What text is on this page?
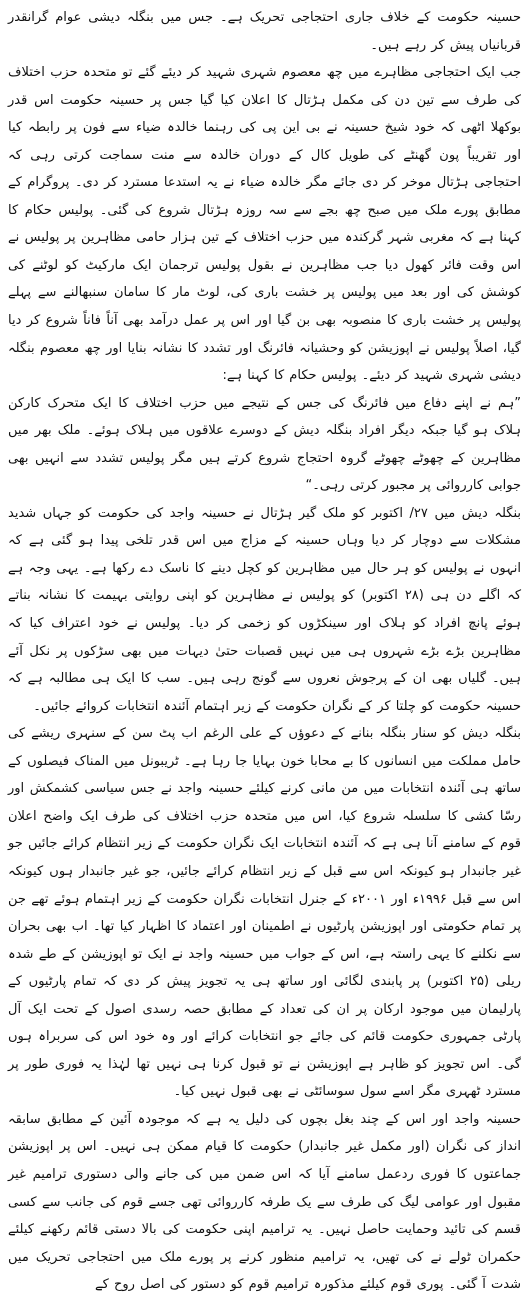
حسینہ حکومت کے خلاف جاری احتجاجی تحریک ہے۔ جس میں بنگلہ دیشی عوام گرانقدر قربانیاں پیش کر رہے ہیں۔

جب ایک احتجاجی مظاہرے میں چھ معصوم شہری شہید کر دیئے گئے تو متحدہ حزب اختلاف کی طرف سے تین دن کی مکمل ہڑتال کا اعلان کیا گیا جس پر حسینہ حکومت اس قدر بوکھلا اٹھی کہ خود شیخ حسینہ نے بی این پی کی رہنما خالدہ ضیاء سے فون پر رابطہ کیا اور تقریباً پون گھنٹے کی طویل کال کے دوران خالدہ سے منت سماجت کرتی رہی کہ احتجاجی ہڑتال موخر کر دی جائے مگر خالدہ ضیاء نے یہ استدعا مسترد کر دی۔ پروگرام کے مطابق پورے ملک میں صبح چھ بجے سے سہ روزہ ہڑتال شروع کی گئی۔ پولیس حکام کا کہنا ہے کہ مغربی شہر گرکندہ میں حزب اختلاف کے تین ہزار حامی مظاہرین پر پولیس نے اس وقت فائر کھول دیا جب مظاہرین نے بقول پولیس ترجمان ایک مارکیٹ کو لوٹنے کی کوشش کی اور بعد میں پولیس پر خشت باری کی، لوٹ مار کا سامان سنبھالنے سے پہلے پولیس پر خشت باری کا منصوبہ بھی بن گیا اور اس پر عمل درآمد بھی آناً فاناً شروع کر دیا گیا، اصلاً پولیس نے اپوزیشن کو وحشیانہ فائرنگ اور تشدد کا نشانہ بنایا اور چھ معصوم بنگلہ دیشی شہری شہید کر دیئے۔ پولیس حکام کا کہنا ہے:

”ہم نے اپنے دفاع میں فائرنگ کی جس کے نتیجے میں حزب اختلاف کا ایک متحرک کارکن ہلاک ہو گیا جبکہ دیگر افراد بنگلہ دیش کے دوسرے علاقوں میں ہلاک ہوئے۔ ملک بھر میں مظاہرین کے چھوٹے چھوٹے گروہ احتجاج شروع کرتے ہیں مگر پولیس تشدد سے انہیں بھی جوابی کارروائی پر مجبور کرتی رہی۔“

بنگلہ دیش میں ۲۷/ اکتوبر کو ملک گیر ہڑتال نے حسینہ واجد کی حکومت کو جہاں شدید مشکلات سے دوچار کر دیا وہاں حسینہ کے مزاج میں اس قدر تلخی پیدا ہو گئی ہے کہ انہوں نے پولیس کو ہر حال میں مظاہرین کو کچل دینے کا ناسک دے رکھا ہے۔ یہی وجہ ہے کہ اگلے دن ہی (۲۸ اکتوبر) کو پولیس نے مظاہرین کو اپنی روایتی بہیمت کا نشانہ بناتے ہوئے پانچ افراد کو ہلاک اور سینکڑوں کو زخمی کر دیا۔ پولیس نے خود اعتراف کیا کہ مظاہرین بڑے بڑے شہروں ہی میں نہیں قصبات حتیٰ دیہات میں بھی سڑکوں پر نکل آئے ہیں۔ گلیاں بھی ان کے پرجوش نعروں سے گونج رہی ہیں۔ سب کا ایک ہی مطالبہ ہے کہ حسینہ حکومت کو چلتا کر کے نگران حکومت کے زیر اہتمام آئندہ انتخابات کروائے جائیں۔

بنگلہ دیش کو سنار بنگلہ بنانے کے دعوؤں کے علی الرغم اب پٹ سن کے سنہری ریشے کی حامل مملکت میں انسانوں کا بے محابا خون بہایا جا رہا ہے۔ ٹریبونل میں المناک فیصلوں کے ساتھ ہی آئندہ انتخابات میں من مانی کرنے کیلئے حسینہ واجد نے جس سیاسی کشمکش اور رسّا کشی کا سلسلہ شروع کیا، اس میں متحدہ حزب اختلاف کی طرف ایک واضح اعلان قوم کے سامنے آنا ہی ہے کہ آئندہ انتخابات ایک نگران حکومت کے زیر انتظام کرائے جائیں جو غیر جانبدار ہو کیونکہ اس سے قبل کے زیر انتظام کرائے جائیں، جو غیر جانبدار ہوں کیونکہ اس سے قبل ۱۹۹۶ء اور ۲۰۰۱ء کے جنرل انتخابات نگران حکومت کے زیر اہتمام ہوئے تھے جن پر تمام حکومتی اور اپوزیشن پارٹیوں نے اطمینان اور اعتماد کا اظہار کیا تھا۔ اب بھی بحران سے نکلنے کا یہی راستہ ہے، اس کے جواب میں حسینہ واجد نے ایک تو اپوزیشن کے طے شدہ ریلی (۲۵ اکتوبر) پر پابندی لگائی اور ساتھ ہی یہ تجویز پیش کر دی کہ تمام پارٹیوں کے پارلیمان میں موجود ارکان پر ان کی تعداد کے مطابق حصہ رسدی اصول کے تحت ایک آل پارٹی جمہوری حکومت قائم کی جائے جو انتخابات کرائے اور وہ خود اس کی سربراہ ہوں گی۔ اس تجویز کو ظاہر ہے اپوزیشن نے تو قبول کرنا ہی نہیں تھا لہٰذا یہ فوری طور پر مسترد ٹھہری مگر اسے سول سوسائٹی نے بھی قبول نہیں کیا۔

حسینہ واجد اور اس کے چند بغل بچوں کی دلیل یہ ہے کہ موجودہ آئین کے مطابق سابقہ انداز کی نگران (اور مکمل غیر جانبدار) حکومت کا قیام ممکن ہی نہیں۔ اس پر اپوزیشن جماعتوں کا فوری ردعمل سامنے آیا کہ اس ضمن میں کی جانے والی دستوری ترامیم غیر مقبول اور عوامی لیگ کی طرف سے یک طرفہ کارروائی تھی جسے قوم کی جانب سے کسی قسم کی تائید وحمایت حاصل نہیں۔ یہ ترامیم اپنی حکومت کی بالا دستی قائم رکھنے کیلئے حکمران ٹولے نے کی تھیں، یہ ترامیم منظور کرنے پر پورے ملک میں احتجاجی تحریک میں شدت آ گئی۔ پوری قوم کیلئے مذکورہ ترامیم قوم کو دستور کی اصل روح کے
